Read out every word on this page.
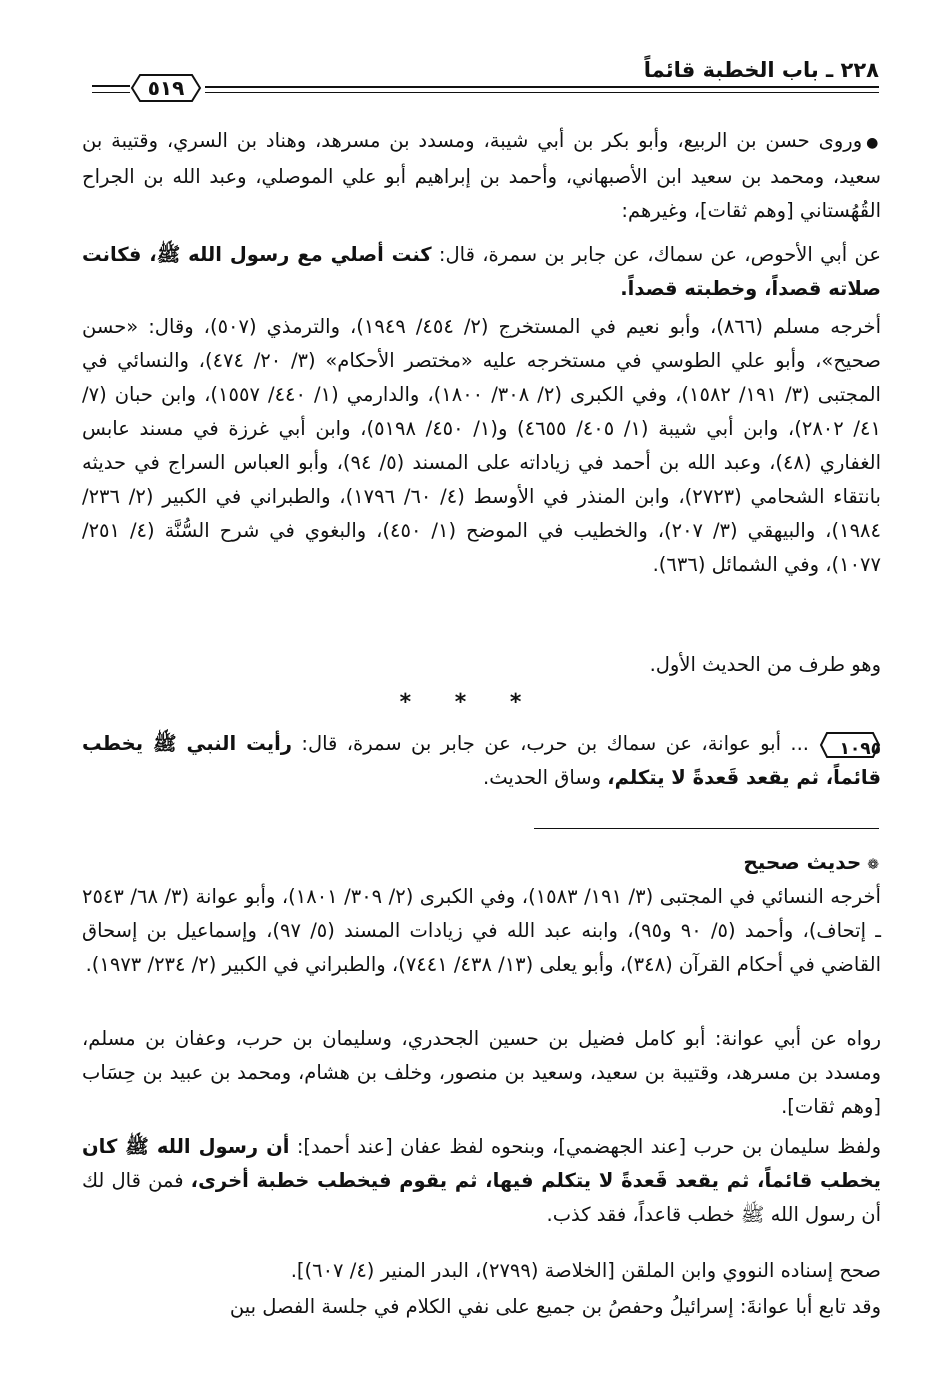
٢٢٨ ـ باب الخطبة قائماً
٥١٩
●وروى حسن بن الربيع، وأبو بكر بن أبي شيبة، ومسدد بن مسرهد، وهناد بن السري، وقتيبة بن سعيد، ومحمد بن سعيد ابن الأصبهاني، وأحمد بن إبراهيم أبو علي الموصلي، وعبد الله بن الجراح القُهُستاني [وهم ثقات]، وغيرهم:
عن أبي الأحوص، عن سماك، عن جابر بن سمرة، قال: كنت أصلي مع رسول الله ﷺ، فكانت صلاته قصداً، وخطبته قصداً.
أخرجه مسلم (٨٦٦)، وأبو نعيم في المستخرج (٢/ ٤٥٤/ ١٩٤٩)، والترمذي (٥٠٧)، وقال: «حسن صحيح»، وأبو علي الطوسي في مستخرجه عليه «مختصر الأحكام» (٣/ ٢٠/ ٤٧٤)، والنسائي في المجتبى (٣/ ١٩١/ ١٥٨٢)، وفي الكبرى (٢/ ٣٠٨/ ١٨٠٠)، والدارمي (١/ ٤٤٠/ ١٥٥٧)، وابن حبان (٧/ ٤١/ ٢٨٠٢)، وابن أبي شيبة (١/ ٤٠٥/ ٤٦٥٥) و(١/ ٤٥٠/ ٥١٩٨)، وابن أبي غرزة في مسند عابس الغفاري (٤٨)، وعبد الله بن أحمد في زياداته على المسند (٥/ ٩٤)، وأبو العباس السراج في حديثه بانتقاء الشحامي (٢٧٢٣)، وابن المنذر في الأوسط (٤/ ٦٠/ ١٧٩٦)، والطبراني في الكبير (٢/ ٢٣٦/ ١٩٨٤)، والبيهقي (٣/ ٢٠٧)، والخطيب في الموضح (١/ ٤٥٠)، والبغوي في شرح السُّنَّة (٤/ ٢٥١/ ١٠٧٧)، وفي الشمائل (٦٣٦).
وهو طرف من الحديث الأول.
* * *
١٠٩٥... أبو عوانة، عن سماك بن حرب، عن جابر بن سمرة، قال: رأيت النبي ﷺ يخطب قائماً، ثم يقعد قَعدةً لا يتكلم، وساق الحديث.
❁حديث صحيح
أخرجه النسائي في المجتبى (٣/ ١٩١/ ١٥٨٣)، وفي الكبرى (٢/ ٣٠٩/ ١٨٠١)، وأبو عوانة (٣/ ٦٨/ ٢٥٤٣ ـ إتحاف)، وأحمد (٥/ ٩٠ و٩٥)، وابنه عبد الله في زيادات المسند (٥/ ٩٧)، وإسماعيل بن إسحاق القاضي في أحكام القرآن (٣٤٨)، وأبو يعلى (١٣/ ٤٣٨/ ٧٤٤١)، والطبراني في الكبير (٢/ ٢٣٤/ ١٩٧٣).
رواه عن أبي عوانة: أبو كامل فضيل بن حسين الجحدري، وسليمان بن حرب، وعفان بن مسلم، ومسدد بن مسرهد، وقتيبة بن سعيد، وسعيد بن منصور، وخلف بن هشام، ومحمد بن عبيد بن حِسَاب [وهم ثقات].
ولفظ سليمان بن حرب [عند الجهضمي]، وبنحوه لفظ عفان [عند أحمد]: أن رسول الله ﷺ كان يخطب قائماً، ثم يقعد قَعدةً لا يتكلم فيها، ثم يقوم فيخطب خطبة أخرى، فمن قال لك أن رسول الله ﷺ خطب قاعداً، فقد كذب.
صحح إسناده النووي وابن الملقن [الخلاصة (٢٧٩٩)، البدر المنير (٤/ ٦٠٧)].
وقد تابع أبا عوانةَ: إسرائيلُ وحفصُ بن جميع على نفي الكلام في جلسة الفصل بين
